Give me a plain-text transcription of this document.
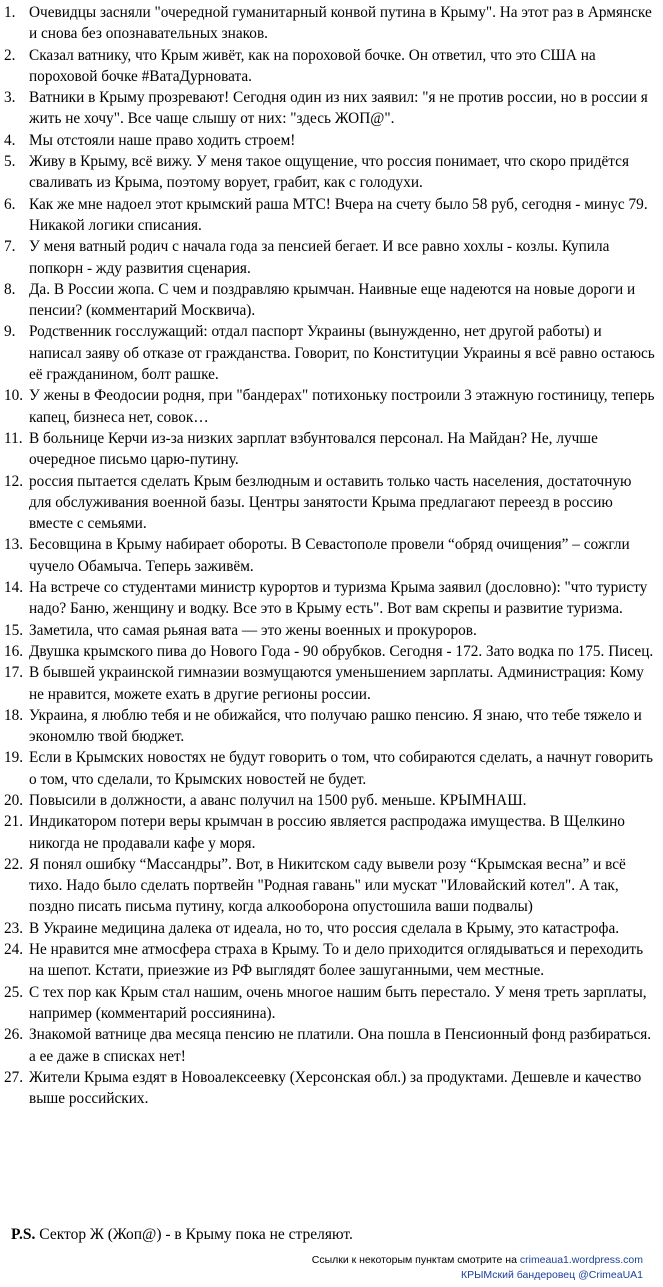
1. Очевидцы засняли "очередной гуманитарный конвой путина в Крыму". На этот раз в Армянске и снова без опознавательных знаков.
2. Сказал ватнику, что Крым живёт, как на пороховой бочке. Он ответил, что это США на пороховой бочке #ВатаДурновата.
3. Ватники в Крыму прозревают! Сегодня один из них заявил: "я не против россии, но в россии я жить не хочу". Все чаще слышу от них: "здесь ЖОП@".
4. Мы отстояли наше право ходить строем!
5. Живу в Крыму, всё вижу. У меня такое ощущение, что россия понимает, что скоро придётся сваливать из Крыма, поэтому ворует, грабит, как с голодухи.
6. Как же мне надоел этот крымский раша МТС! Вчера на счету было 58 руб, сегодня - минус 79. Никакой логики списания.
7. У меня ватный родич с начала года за пенсией бегает. И все равно хохлы - козлы. Купила попкорн - жду развития сценария.
8. Да. В России жопа. С чем и поздравляю крымчан. Наивные еще надеются на новые дороги и пенсии? (комментарий Москвича).
9. Родственник госслужащий: отдал паспорт Украины (вынужденно, нет другой работы) и написал заяву об отказе от гражданства. Говорит, по Конституции Украины я всё равно остаюсь её гражданином, болт рашке.
10. У жены в Феодосии родня, при "бандерах" потихоньку построили 3 этажную гостиницу, теперь капец, бизнеса нет, совок…
11. В больнице Керчи из-за низких зарплат взбунтовался персонал. На Майдан? Не, лучше очередное письмо царю-путину.
12. россия пытается сделать Крым безлюдным и оставить только часть населения, достаточную для обслуживания военной базы. Центры занятости Крыма предлагают переезд в россию вместе с семьями.
13. Бесовщина в Крыму набирает обороты. В Севастополе провели “обряд очищения” – сожгли чучело Обамыча. Теперь заживём.
14. На встрече со студентами министр курортов и туризма Крыма заявил (дословно): "что туристу надо? Баню, женщину и водку. Все это в Крыму есть". Вот вам скрепы и развитие туризма.
15. Заметила, что самая рьяная вата — это жены военных и прокуроров.
16. Двушка крымского пива до Нового Года - 90 обрубков. Сегодня - 172. Зато водка по 175. Писец.
17. В бывшей украинской гимназии возмущаются уменьшением зарплаты. Администрация: Кому не нравится, можете ехать в другие регионы россии.
18. Украина, я люблю тебя и не обижайся, что получаю рашко пенсию. Я знаю, что тебе тяжело и экономлю твой бюджет.
19. Если в Крымских новостях не будут говорить о том, что собираются сделать, а начнут говорить о том, что сделали, то Крымских новостей не будет.
20. Повысили в должности, а аванс получил на 1500 руб. меньше. КРЫМНАШ.
21. Индикатором потери веры крымчан в россию является распродажа имущества. В Щелкино никогда не продавали кафе у моря.
22. Я понял ошибку “Массандры”. Вот, в Никитском саду вывели розу “Крымская весна” и всё тихо. Надо было сделать портвейн "Родная гавань" или мускат "Иловайский котел". А так, поздно писать письма путину, когда алкооборона опустошила ваши подвалы)
23. В Украине медицина далека от идеала, но то, что россия сделала в Крыму, это катастрофа.
24. Не нравится мне атмосфера страха в Крыму. То и дело приходится оглядываться и переходить на шепот. Кстати, приезжие из РФ выглядят более зашуганными, чем местные.
25. С тех пор как Крым стал нашим, очень многое нашим быть перестало. У меня треть зарплаты, например (комментарий россиянина).
26. Знакомой ватнице два месяца пенсию не платили. Она пошла в Пенсионный фонд разбираться. а ее даже в списках нет!
27. Жители Крыма ездят в Новоалексеевку (Херсонская обл.) за продуктами. Дешевле и качество выше российских.
P.S. Сектор Ж (Жоп@) - в Крыму пока не стреляют.
Ссылки к некоторым пунктам смотрите на crimeaua1.wordpress.com
КРЫМский бандеровец @CrimeaUA1
